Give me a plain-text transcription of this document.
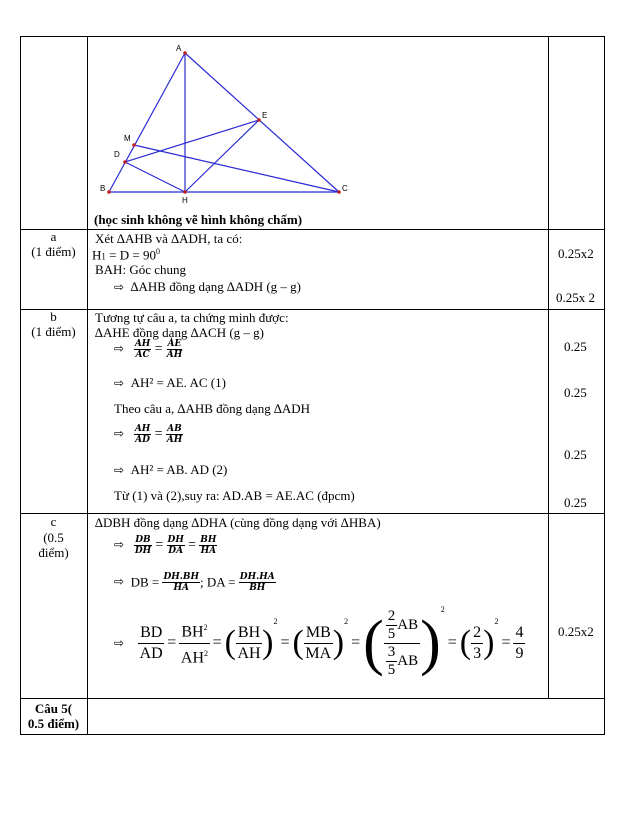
A
B	C
H
D
E
M
(học sinh không vẽ hình không chấm)
a
(1 điểm)
Xét ∆AHB và ∆ADH, ta có:
$H1 = D = 90^0$
BAH: Góc chung
⇨ ∆AHB đồng dạng ∆ADH (g – g)
0.25x2
0.25x 2
b
(1 điểm)
Tương tự câu a, ta chứng minh được:
∆AHE đồng dạng ∆ACH (g – g)
⇨ $\frac{AH}{AC} = \frac{AE}{AH}$
⇨ AH² = AE. AC (1)
Theo câu a, ∆AHB đồng dạng ∆ADH
⇨ $\frac{AH}{AD} = \frac{AB}{AH}$
⇨ AH² = AB. AD (2)
Từ (1) và (2),suy ra: AD.AB = AE.AC (đpcm)
0.25
0.25
0.25
0.25
c
(0.5
điểm)
∆DBH đồng dạng ∆DHA (cùng đồng dạng với ∆HBA)
⇨ $\frac{DB}{DH} = \frac{DH}{DA} = \frac{BH}{HA}$
⇨ DB = $\frac{DH.BH}{HA}$ ; DA = $\frac{DH.HA}{BH}$
⇨ $\frac{BD}{AD} = \frac{BH^2}{AH^2}$ = ( $\frac{BH}{AH}$ )
2
= ( $\frac{MB}{MA}$ )
2
= ( $\frac{2}{5}$ AB
$\frac{3}{5}$ AB )$^2$
= ( $\frac{2}{3}$ )
2
= $\frac{4}{9}$	0.25x2
Câu 5(
0.5 điểm)
